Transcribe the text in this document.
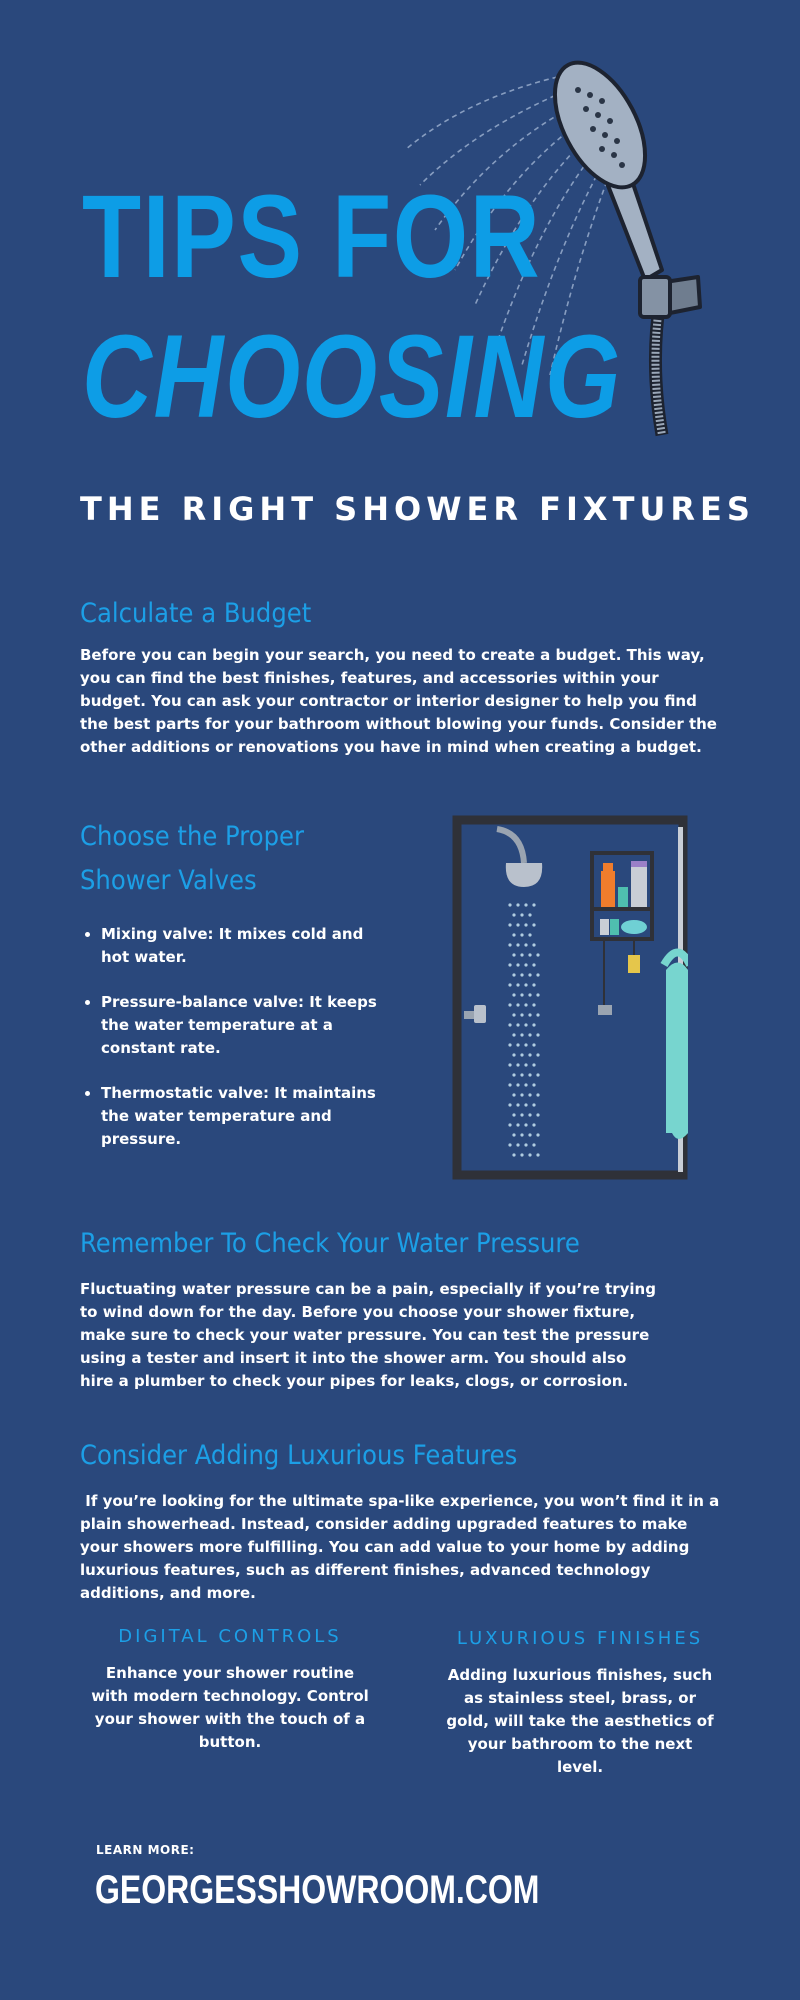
TIPS FOR
CHOOSING
THE RIGHT SHOWER FIXTURES
Calculate a Budget
Before you can begin your search, you need to create a budget. This way, you can find the best finishes, features, and accessories within your budget. You can ask your contractor or interior designer to help you find the best parts for your bathroom without blowing your funds. Consider the other additions or renovations you have in mind when creating a budget.
Choose the Proper Shower Valves
• Mixing valve: It mixes cold and hot water.
• Pressure-balance valve: It keeps the water temperature at a constant rate.
• Thermostatic valve: It maintains the water temperature and pressure.
Remember To Check Your Water Pressure
Fluctuating water pressure can be a pain, especially if you’re trying to wind down for the day. Before you choose your shower fixture, make sure to check your water pressure. You can test the pressure using a tester and insert it into the shower arm. You should also hire a plumber to check your pipes for leaks, clogs, or corrosion.
Consider Adding Luxurious Features
If you’re looking for the ultimate spa-like experience, you won’t find it in a plain showerhead. Instead, consider adding upgraded features to make your showers more fulfilling. You can add value to your home by adding luxurious features, such as different finishes, advanced technology additions, and more.
DIGITAL CONTROLS
Enhance your shower routine with modern technology. Control your shower with the touch of a button.
LUXURIOUS FINISHES
Adding luxurious finishes, such as stainless steel, brass, or gold, will take the aesthetics of your bathroom to the next level.
LEARN MORE:
GEORGESSHOWROOM.COM
